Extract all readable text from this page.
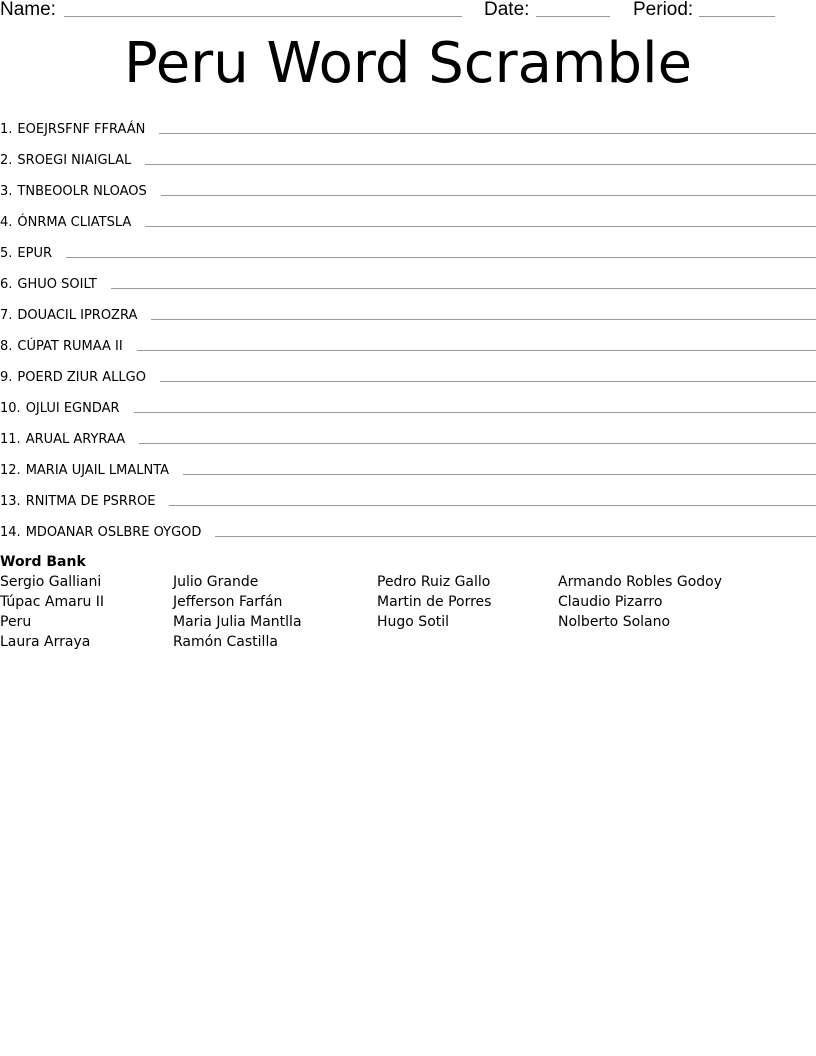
Name:	Date:	Period:
Peru Word Scramble
1. EOEJRSFNF FFRAÁN
2. SROEGI NIAIGLAL
3. TNBEOOLR NLOAOS
4. ÓNRMA CLIATSLA
5. EPUR
6. GHUO SOILT
7. DOUACIL IPROZRA
8. CÚPAT RUMAA II
9. POERD ZIUR ALLGO
10. OJLUI EGNDAR
11. ARUAL ARYRAA
12. MARIA UJAIL LMALNTA
13. RNITMA DE PSRROE
14. MDOANAR OSLBRE OYGOD
Word Bank
Sergio Galliani
Túpac Amaru II
Peru
Laura Arraya
Julio Grande
Jefferson Farfán
Maria Julia Mantlla
Ramón Castilla
Pedro Ruiz Gallo
Martin de Porres
Hugo Sotil
Armando Robles Godoy
Claudio Pizarro
Nolberto Solano
